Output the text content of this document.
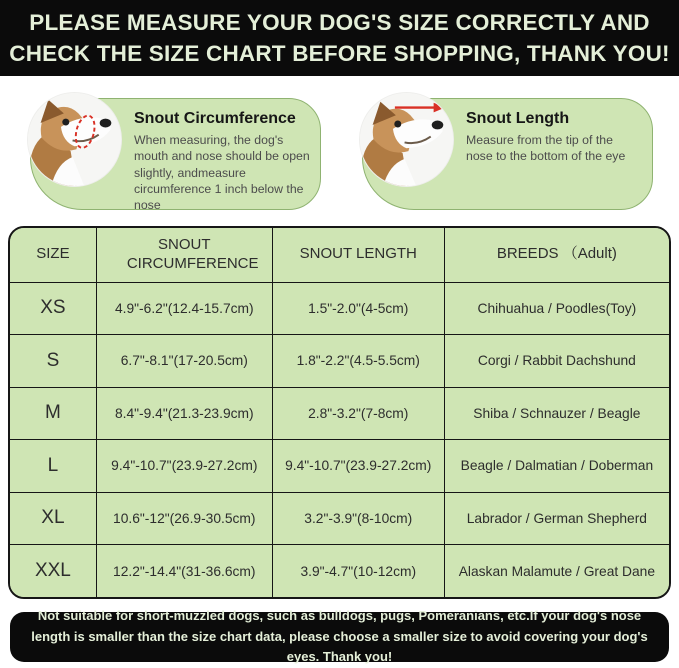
PLEASE MEASURE YOUR DOG'S SIZE CORRECTLY AND
CHECK THE SIZE CHART BEFORE SHOPPING, THANK YOU!
Snout Circumference
When measuring, the dog's mouth and nose should be open slightly, andmeasure circumference 1 inch below the nose
Snout Length
Measure from the tip of the nose to the bottom of the eye
SIZE	SNOUT CIRCUMFERENCE	SNOUT LENGTH	BREEDS （Adult)
XS	4.9"-6.2"(12.4-15.7cm)	1.5"-2.0"(4-5cm)	Chihuahua / Poodles(Toy)
S	6.7"-8.1"(17-20.5cm)	1.8"-2.2"(4.5-5.5cm)	Corgi / Rabbit Dachshund
M	8.4"-9.4"(21.3-23.9cm)	2.8"-3.2"(7-8cm)	Shiba / Schnauzer / Beagle
L	9.4"-10.7"(23.9-27.2cm)	9.4"-10.7"(23.9-27.2cm)	Beagle / Dalmatian / Doberman
XL	10.6"-12"(26.9-30.5cm)	3.2"-3.9"(8-10cm)	Labrador / German Shepherd
XXL	12.2"-14.4"(31-36.6cm)	3.9"-4.7"(10-12cm)	Alaskan Malamute / Great Dane

Not suitable for short-muzzled dogs, such as bulldogs, pugs, Pomeranians, etc.If your dog's nose length is smaller than the size chart data, please choose a smaller size to avoid covering your dog's eyes. Thank you!
